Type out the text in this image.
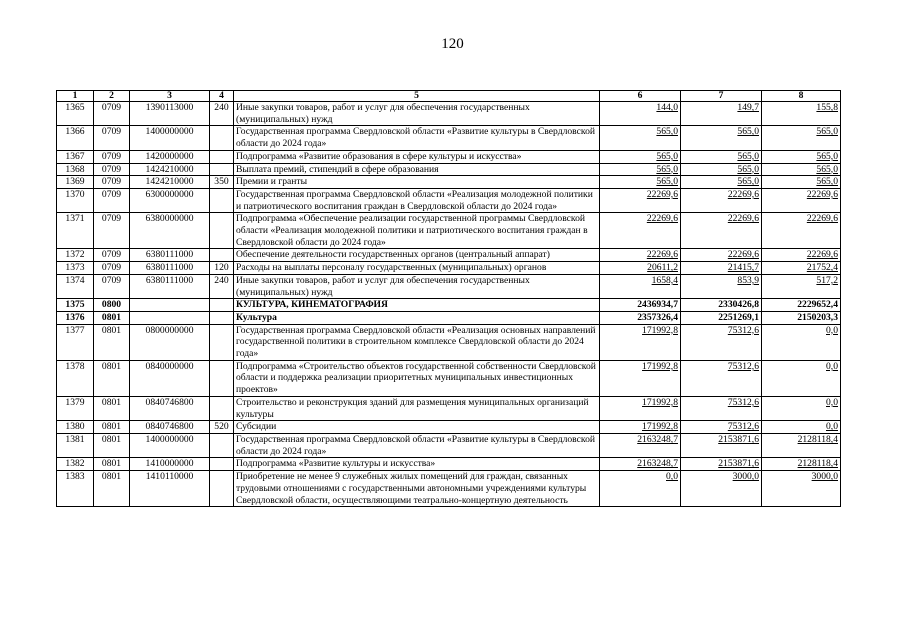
120
1	2	3	4	5	6	7	8
1365	0709	1390113000	240	Иные закупки товаров, работ и услуг для обеспечения государственных (муниципальных) нужд	144,0	149,7	155,8
1366	0709	1400000000		Государственная программа Свердловской области «Развитие культуры в Свердловской области до 2024 года»	565,0	565,0	565,0
1367	0709	1420000000		Подпрограмма «Развитие образования в сфере культуры и искусства»	565,0	565,0	565,0
1368	0709	1424210000		Выплата премий, стипендий в сфере образования	565,0	565,0	565,0
1369	0709	1424210000	350	Премии и гранты	565,0	565,0	565,0
1370	0709	6300000000		Государственная программа Свердловской области «Реализация молодежной политики и патриотического воспитания граждан в Свердловской области до 2024 года»	22269,6	22269,6	22269,6
1371	0709	6380000000		Подпрограмма «Обеспечение реализации государственной программы Свердловской области «Реализация молодежной политики и патриотического воспитания граждан в Свердловской области до 2024 года»	22269,6	22269,6	22269,6
1372	0709	6380111000		Обеспечение деятельности государственных органов (центральный аппарат)	22269,6	22269,6	22269,6
1373	0709	6380111000	120	Расходы на выплаты персоналу государственных (муниципальных) органов	20611,2	21415,7	21752,4
1374	0709	6380111000	240	Иные закупки товаров, работ и услуг для обеспечения государственных (муниципальных) нужд	1658,4	853,9	517,2
1375	0800			КУЛЬТУРА, КИНЕМАТОГРАФИЯ	2436934,7	2330426,8	2229652,4
1376	0801			Культура	2357326,4	2251269,1	2150203,3
1377	0801	0800000000		Государственная программа Свердловской области «Реализация основных направлений государственной политики в строительном комплексе Свердловской области до 2024 года»	171992,8	75312,6	0,0
1378	0801	0840000000		Подпрограмма «Строительство объектов государственной собственности Свердловской области и поддержка реализации приоритетных муниципальных инвестиционных проектов»	171992,8	75312,6	0,0
1379	0801	0840746800		Строительство и реконструкция зданий для размещения муниципальных организаций культуры	171992,8	75312,6	0,0
1380	0801	0840746800	520	Субсидии	171992,8	75312,6	0,0
1381	0801	1400000000		Государственная программа Свердловской области «Развитие культуры в Свердловской области до 2024 года»	2163248,7	2153871,6	2128118,4
1382	0801	1410000000		Подпрограмма «Развитие культуры и искусства»	2163248,7	2153871,6	2128118,4
1383	0801	1410110000		Приобретение не менее 9 служебных жилых помещений для граждан, связанных трудовыми отношениями с государственными автономными учреждениями культуры Свердловской области, осуществляющими театрально-концертную деятельность	0,0	3000,0	3000,0
